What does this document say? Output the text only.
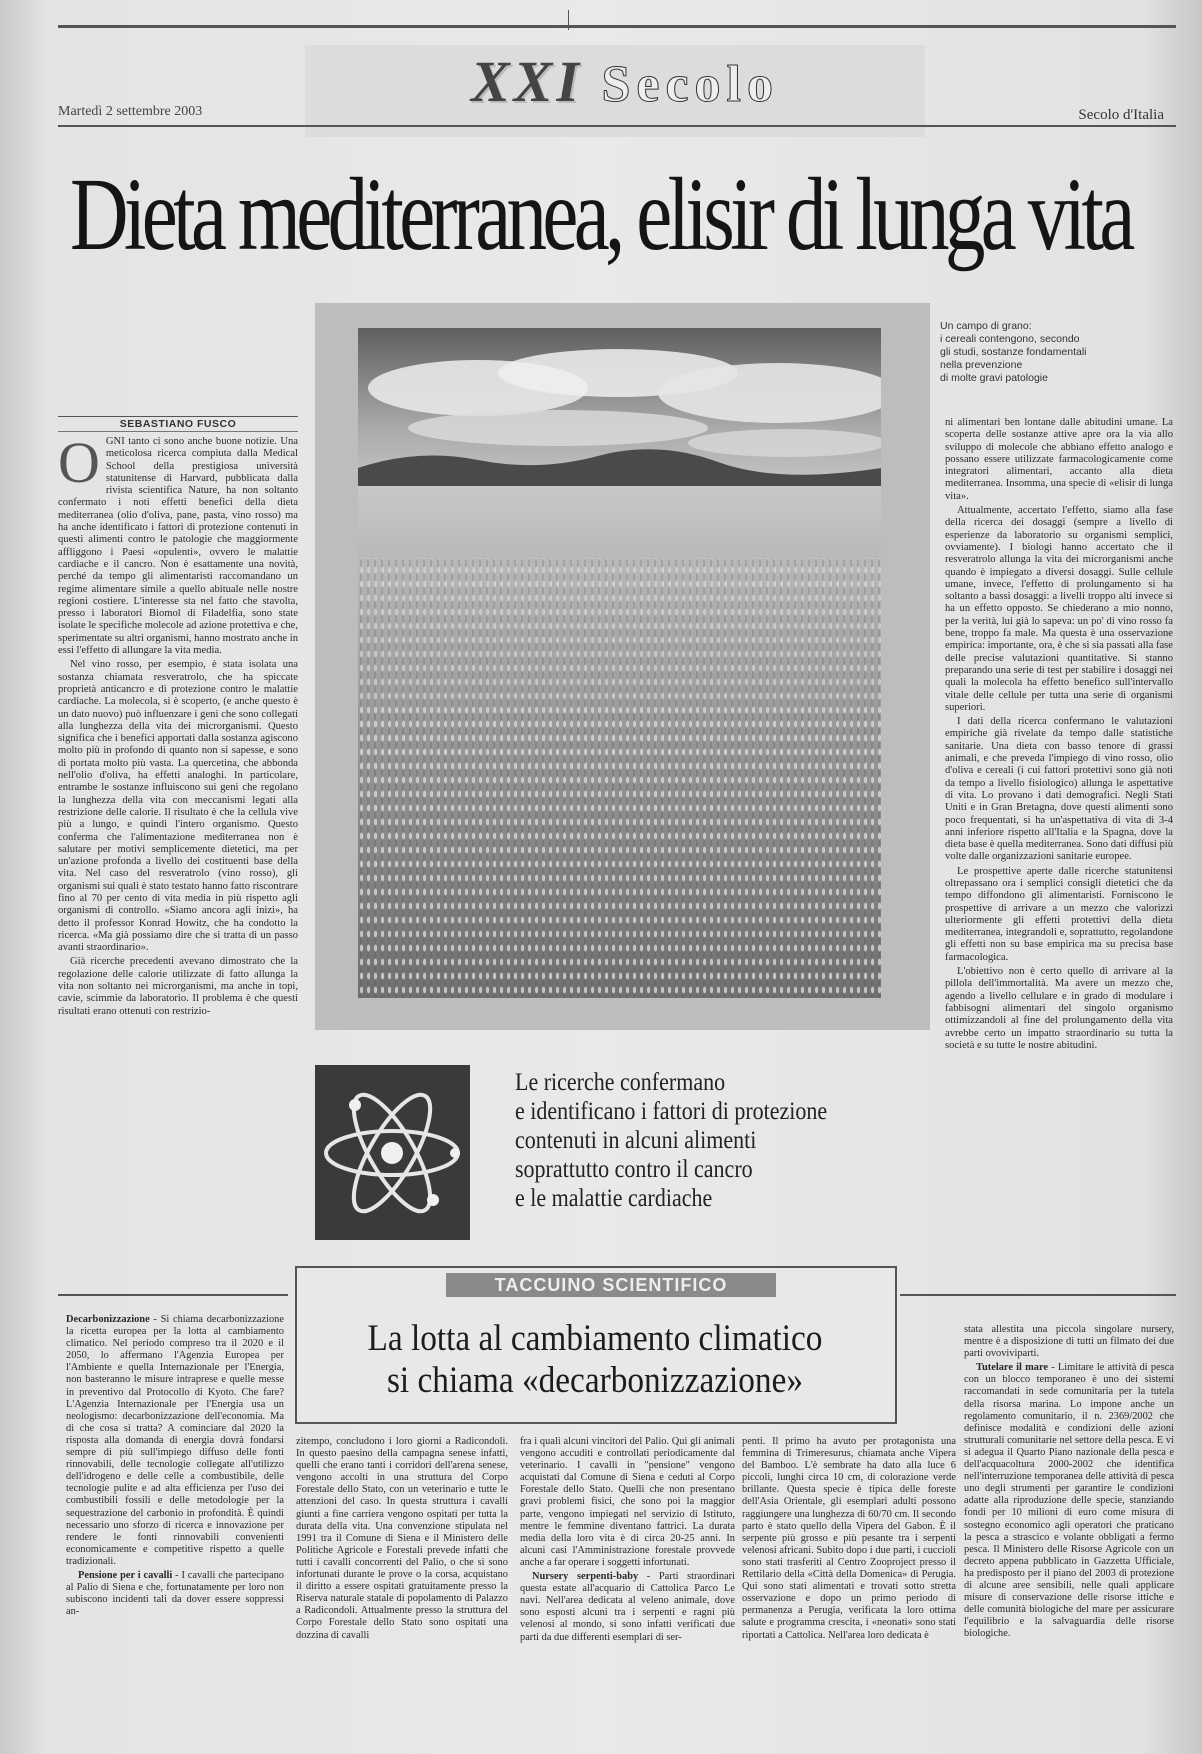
XXI Secolo
Martedì 2 settembre 2003	Secolo d'Italia
Dieta mediterranea, elisir di lunga vita
Un campo di grano:
i cereali contengono, secondo
gli studi, sostanze fondamentali
nella prevenzione
di molte gravi patologie
SEBASTIANO FUSCO

OGNI tanto ci sono anche buone notizie. Una meticolosa ricerca compiuta dalla Medical School della prestigiosa università statunitense di Harvard, pubblicata dalla rivista scientifica Nature, ha non soltanto confermato i noti effetti benefici della dieta mediterranea (olio d'oliva, pane, pasta, vino rosso) ma ha anche identificato i fattori di protezione contenuti in questi alimenti contro le patologie che maggiormente affliggono i Paesi «opulenti», ovvero le malattie cardiache e il cancro. Non è esattamente una novità, perché da tempo gli alimentaristi raccomandano un regime alimentare simile a quello abituale nelle nostre regioni costiere. L'interesse sta nel fatto che stavolta, presso i laboratori Biomol di Filadelfia, sono state isolate le specifiche molecole ad azione protettiva e che, sperimentate su altri organismi, hanno mostrato anche in essi l'effetto di allungare la vita media.

Nel vino rosso, per esempio, è stata isolata una sostanza chiamata resveratrolo, che ha spiccate proprietà anticancro e di protezione contro le malattie cardiache. La molecola, si è scoperto, (e anche questo è un dato nuovo) può influenzare i geni che sono collegati alla lunghezza della vita dei microrganismi. Questo significa che i benefici apportati dalla sostanza agiscono molto più in profondo di quanto non si sapesse, e sono di portata molto più vasta. La quercetina, che abbonda nell'olio d'oliva, ha effetti analoghi. In particolare, entrambe le sostanze influiscono sui geni che regolano la lunghezza della vita con meccanismi legati alla restrizione delle calorie. Il risultato è che la cellula vive più a lungo, e quindi l'intero organismo. Questo conferma che l'alimentazione mediterranea non è salutare per motivi semplicemente dietetici, ma per un'azione profonda a livello dei costituenti base della vita. Nel caso del resveratrolo (vino rosso), gli organismi sui quali è stato testato hanno fatto riscontrare fino al 70 per cento di vita media in più rispetto agli organismi di controllo. «Siamo ancora agli inizi», ha detto il professor Konrad Howitz, che ha condotto la ricerca. «Ma già possiamo dire che si tratta di un passo avanti straordinario».

Già ricerche precedenti avevano dimostrato che la regolazione delle calorie utilizzate di fatto allunga la vita non soltanto nei microrganismi, ma anche in topi, cavie, scimmie da laboratorio. Il problema è che questi risultati erano ottenuti con restrizio-

ni alimentari ben lontane dalle abitudini umane. La scoperta delle sostanze attive apre ora la via allo sviluppo di molecole che abbiano effetto analogo e possano essere utilizzate farmacologicamente come integratori alimentari, accanto alla dieta mediterranea. Insomma, una specie di «elisir di lunga vita».

Attualmente, accertato l'effetto, siamo alla fase della ricerca dei dosaggi (sempre a livello di esperienze da laboratorio su organismi semplici, ovviamente). I biologi hanno accertato che il resveratrolo allunga la vita dei microrganismi anche quando è impiegato a diversi dosaggi. Sulle cellule umane, invece, l'effetto di prolungamento si ha soltanto a bassi dosaggi: a livelli troppo alti invece si ha un effetto opposto. Se chiederano a mio nonno, per la verità, lui già lo sapeva: un po' di vino rosso fa bene, troppo fa male. Ma questa è una osservazione empirica: importante, ora, è che si sia passati alla fase delle precise valutazioni quantitative. Si stanno preparando una serie di test per stabilire i dosaggi nei quali la molecola ha effetto benefico sull'intervallo vitale delle cellule per tutta una serie di organismi superiori.

I dati della ricerca confermano le valutazioni empiriche già rivelate da tempo dalle statistiche sanitarie. Una dieta con basso tenore di grassi animali, e che preveda l'impiego di vino rosso, olio d'oliva e cereali (i cui fattori protettivi sono già noti da tempo a livello fisiologico) allunga le aspettative di vita. Lo provano i dati demografici. Negli Stati Uniti e in Gran Bretagna, dove questi alimenti sono poco frequentati, si ha un'aspettativa di vita di 3-4 anni inferiore rispetto all'Italia e la Spagna, dove la dieta base è quella mediterranea. Sono dati diffusi più volte dalle organizzazioni sanitarie europee.

Le prospettive aperte dalle ricerche statunitensi oltrepassano ora i semplici consigli dietetici che da tempo diffondono gli alimentaristi. Forniscono le prospettive di arrivare a un mezzo che valorizzi ulteriormente gli effetti protettivi della dieta mediterranea, integrandoli e, soprattutto, regolandone gli effetti non su base empirica ma su precisa base farmacologica.

L'obiettivo non è certo quello di arrivare al la pillola dell'immortalità. Ma avere un mezzo che, agendo a livello cellulare e in grado di modulare i fabbisogni alimentari del singolo organismo ottimizzandoli al fine del prolungamento della vita avrebbe certo un impatto straordinario su tutta la società e su tutte le nostre abitudini.

Le ricerche confermano
e identificano i fattori di protezione
contenuti in alcuni alimenti
soprattutto contro il cancro
e le malattie cardiache
TACCUINO SCIENTIFICO
La lotta al cambiamento climatico
si chiama «decarbonizzazione»

Decarbonizzazione - Si chiama decarbonizzazione la ricetta europea per la lotta al cambiamento climatico. Nel periodo compreso tra il 2020 e il 2050, lo affermano l'Agenzia Europea per l'Ambiente e quella Internazionale per l'Energia, non basteranno le misure intraprese e quelle messe in preventivo dal Protocollo di Kyoto. Che fare? L'Agenzia Internazionale per l'Energia usa un neologismo: decarbonizzazione dell'economia. Ma di che cosa si tratta? A cominciare dal 2020 la risposta alla domanda di energia dovrà fondarsi sempre di più sull'impiego diffuso delle fonti rinnovabili, delle tecnologie collegate all'utilizzo dell'idrogeno e delle celle a combustibile, delle tecnologie pulite e ad alta efficienza per l'uso dei combustibili fossili e delle metodologie per la sequestrazione del carbonio in profondità. È quindi necessario uno sforzo di ricerca e innovazione per rendere le fonti rinnovabili convenienti economicamente e competitive rispetto a quelle tradizionali.

Pensione per i cavalli - I cavalli che partecipano al Palio di Siena e che, fortunatamente per loro non subiscono incidenti tali da dover essere soppressi an-

zitempo, concludono i loro giorni a Radicondoli. In questo paesino della campagna senese infatti, quelli che erano tanti i corridori dell'arena senese, vengono accolti in una struttura del Corpo Forestale dello Stato, con un veterinario e tutte le attenzioni del caso. In questa struttura i cavalli giunti a fine carriera vengono ospitati per tutta la durata della vita. Una convenzione stipulata nel 1991 tra il Comune di Siena e il Ministero delle Politiche Agricole e Forestali prevede infatti che tutti i cavalli concorrenti del Palio, o che si sono infortunati durante le prove o la corsa, acquistano il diritto a essere ospitati gratuitamente presso la Riserva naturale statale di popolamento di Palazzo a Radicondoli. Attualmente presso la struttura del Corpo Forestale dello Stato sono ospitati una dozzina di cavalli

fra i quali alcuni vincitori del Palio. Qui gli animali vengono accuditi e controllati periodicamente dal veterinario. I cavalli in "pensione" vengono acquistati dal Comune di Siena e ceduti al Corpo Forestale dello Stato. Quelli che non presentano gravi problemi fisici, che sono poi la maggior parte, vengono impiegati nel servizio di Istituto, mentre le femmine diventano fattrici. La durata media della loro vita è di circa 20-25 anni. In alcuni casi l'Amministrazione forestale provvede anche a far operare i soggetti infortunati.

Nursery serpenti-baby - Parti straordinari questa estate all'acquario di Cattolica Parco Le navi. Nell'area dedicata al veleno animale, dove sono esposti alcuni tra i serpenti e ragni più velenosi al mondo, si sono infatti verificati due parti da due differenti esemplari di ser-

penti. Il primo ha avuto per protagonista una femmina di Trimeresurus, chiamata anche Vipera del Bamboo. L'è sembrate ha dato alla luce 6 piccoli, lunghi circa 10 cm, di colorazione verde brillante. Questa specie è tipica delle foreste dell'Asia Orientale, gli esemplari adulti possono raggiungere una lunghezza di 60/70 cm. Il secondo parto è stato quello della Vipera del Gabon. È il serpente più grosso e più pesante tra i serpenti velenosi africani. Subito dopo i due parti, i cuccioli sono stati trasferiti al Centro Zooproject presso il Rettilario della «Città della Domenica» di Perugia. Qui sono stati alimentati e trovati sotto stretta osservazione e dopo un primo periodo di permanenza a Perugia, verificata la loro ottima salute e programma crescita, i «neonati» sono stati riportati a Cattolica. Nell'area loro dedicata è

stata allestita una piccola singolare nursery, mentre è a disposizione di tutti un filmato dei due parti ovoviviparti.

Tutelare il mare - Limitare le attività di pesca con un blocco temporaneo è uno dei sistemi raccomandati in sede comunitaria per la tutela della risorsa marina. Lo impone anche un regolamento comunitario, il n. 2369/2002 che definisce modalità e condizioni delle azioni strutturali comunitarie nel settore della pesca. E vi si adegua il Quarto Piano nazionale della pesca e dell'acquacoltura 2000-2002 che identifica nell'interruzione temporanea delle attività di pesca uno degli strumenti per garantire le condizioni adatte alla riproduzione delle specie, stanziando fondi per 10 milioni di euro come misura di sostegno economico agli operatori che praticano la pesca a strascico e volante obbligati a fermo pesca. Il Ministero delle Risorse Agricole con un decreto appena pubblicato in Gazzetta Ufficiale, ha predisposto per il piano del 2003 di protezione di alcune aree sensibili, nelle quali applicare misure di conservazione delle risorse ittiche e delle comunità biologiche del mare per assicurare l'equilibrio e la salvaguardia delle risorse biologiche.
